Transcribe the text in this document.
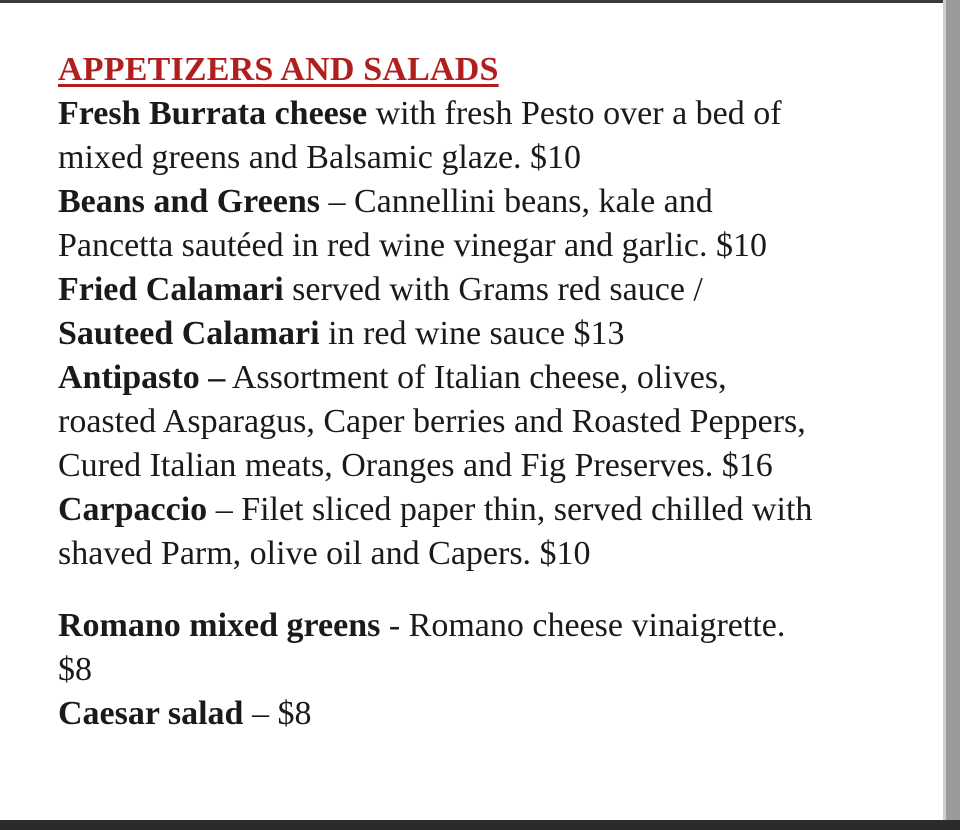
APPETIZERS AND SALADS
Fresh Burrata cheese with fresh Pesto over a bed of
mixed greens and Balsamic glaze. $10
Beans and Greens – Cannellini beans, kale and
Pancetta sautéed in red wine vinegar and garlic. $10
Fried Calamari served with Grams red sauce /
Sauteed Calamari in red wine sauce $13
Antipasto – Assortment of Italian cheese, olives,
roasted Asparagus, Caper berries and Roasted Peppers,
Cured Italian meats, Oranges and Fig Preserves. $16
Carpaccio – Filet sliced paper thin, served chilled with
shaved Parm, olive oil and Capers. $10
Romano mixed greens - Romano cheese vinaigrette.
$8
Caesar salad – $8
